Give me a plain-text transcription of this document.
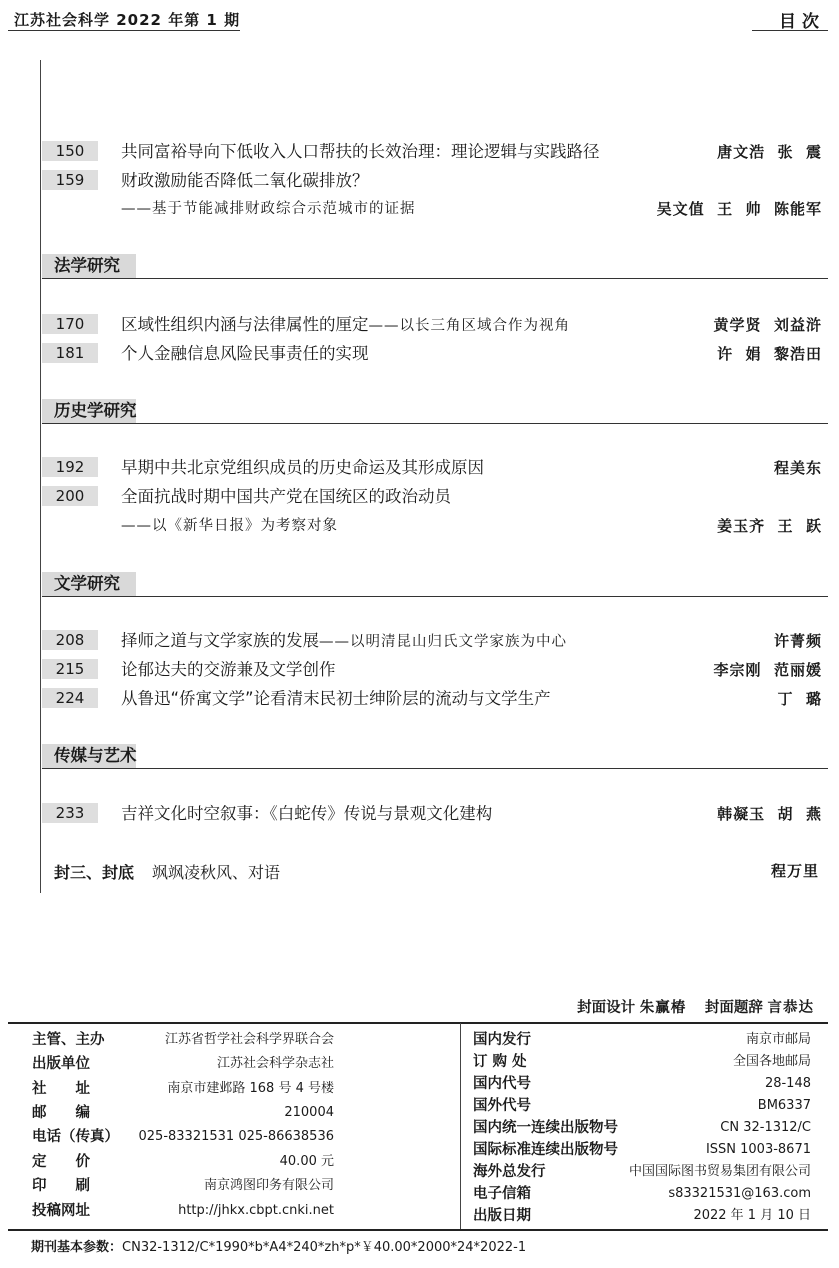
江苏社会科学 2022 年第 1 期	目次
150	共同富裕导向下低收入人口帮扶的长效治理：理论逻辑与实践路径	唐文浩  张  震
159	财政激励能否降低二氧化碳排放？
——基于节能减排财政综合示范城市的证据	吴文值  王  帅  陈能军
法学研究
170	区域性组织内涵与法律属性的厘定——以长三角区域合作为视角	黄学贤  刘益浒
181	个人金融信息风险民事责任的实现	许  娟  黎浩田
历史学研究
192	早期中共北京党组织成员的历史命运及其形成原因	程美东
200	全面抗战时期中国共产党在国统区的政治动员
——以《新华日报》为考察对象	姜玉齐  王  跃
文学研究
208	择师之道与文学家族的发展——以明清昆山归氏文学家族为中心	许菁频
215	论郁达夫的交游兼及文学创作	李宗刚  范丽媛
224	从鲁迅“侨寓文学”论看清末民初士绅阶层的流动与文学生产	丁  璐
传媒与艺术
233	吉祥文化时空叙事：《白蛇传》传说与景观文化建构	韩凝玉  胡  燕
封三、封底 飒飒凌秋风、对语	程万里
封面设计 朱赢椿 封面题辞 言恭达
主管、主办	江苏省哲学社会科学界联合会
出版单位	江苏社会科学杂志社
社　　址	南京市建邺路 168 号 4 号楼
邮　　编	210004
电话（传真） 025-83321531 025-86638536
定　　价	40.00 元
印　　刷	南京鸿图印务有限公司
投稿网址	http://jhkx.cbpt.cnki.net
国内发行	南京市邮局
订 购 处	全国各地邮局
国内代号	28-148
国外代号	BM6337
国内统一连续出版物号	CN 32-1312/C
国际标准连续出版物号	ISSN 1003-8671
海外总发行	中国国际图书贸易集团有限公司
电子信箱	s83321531@163.com
出版日期	2022 年 1 月 10 日
期刊基本参数：CN32-1312/C*1990*b*A4*240*zh*p*￥40.00*2000*24*2022-1
